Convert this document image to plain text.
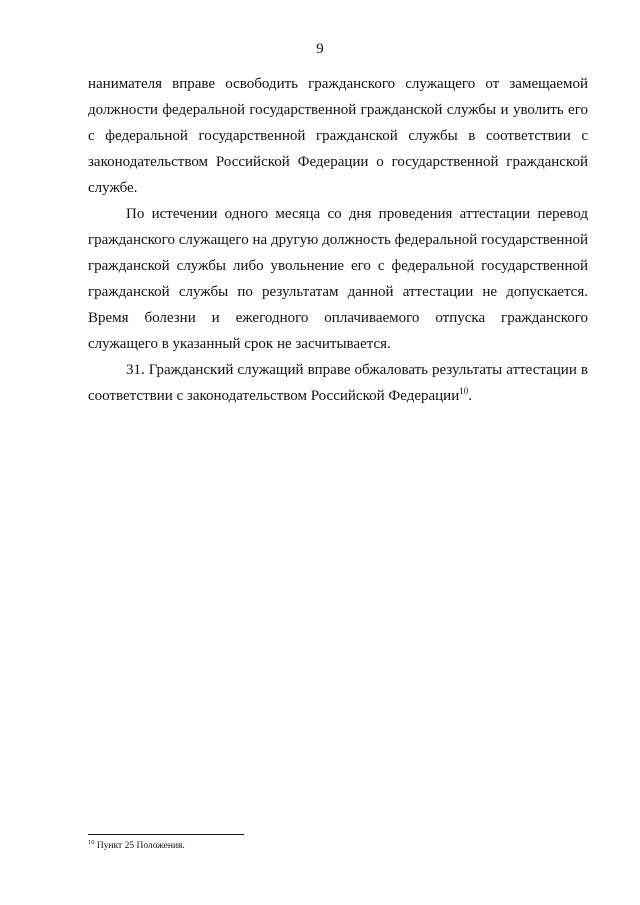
9

нанимателя вправе освободить гражданского служащего от замещаемой должности федеральной государственной гражданской службы и уволить его с федеральной государственной гражданской службы в соответствии с законодательством Российской Федерации о государственной гражданской службе.

По истечении одного месяца со дня проведения аттестации перевод гражданского служащего на другую должность федеральной государственной гражданской службы либо увольнение его с федеральной государственной гражданской службы по результатам данной аттестации не допускается. Время болезни и ежегодного оплачиваемого отпуска гражданского служащего в указанный срок не засчитывается.

31. Гражданский служащий вправе обжаловать результаты аттестации в соответствии с законодательством Российской Федерации$^{10}$.

$^{10}$ Пункт 25 Положения.
